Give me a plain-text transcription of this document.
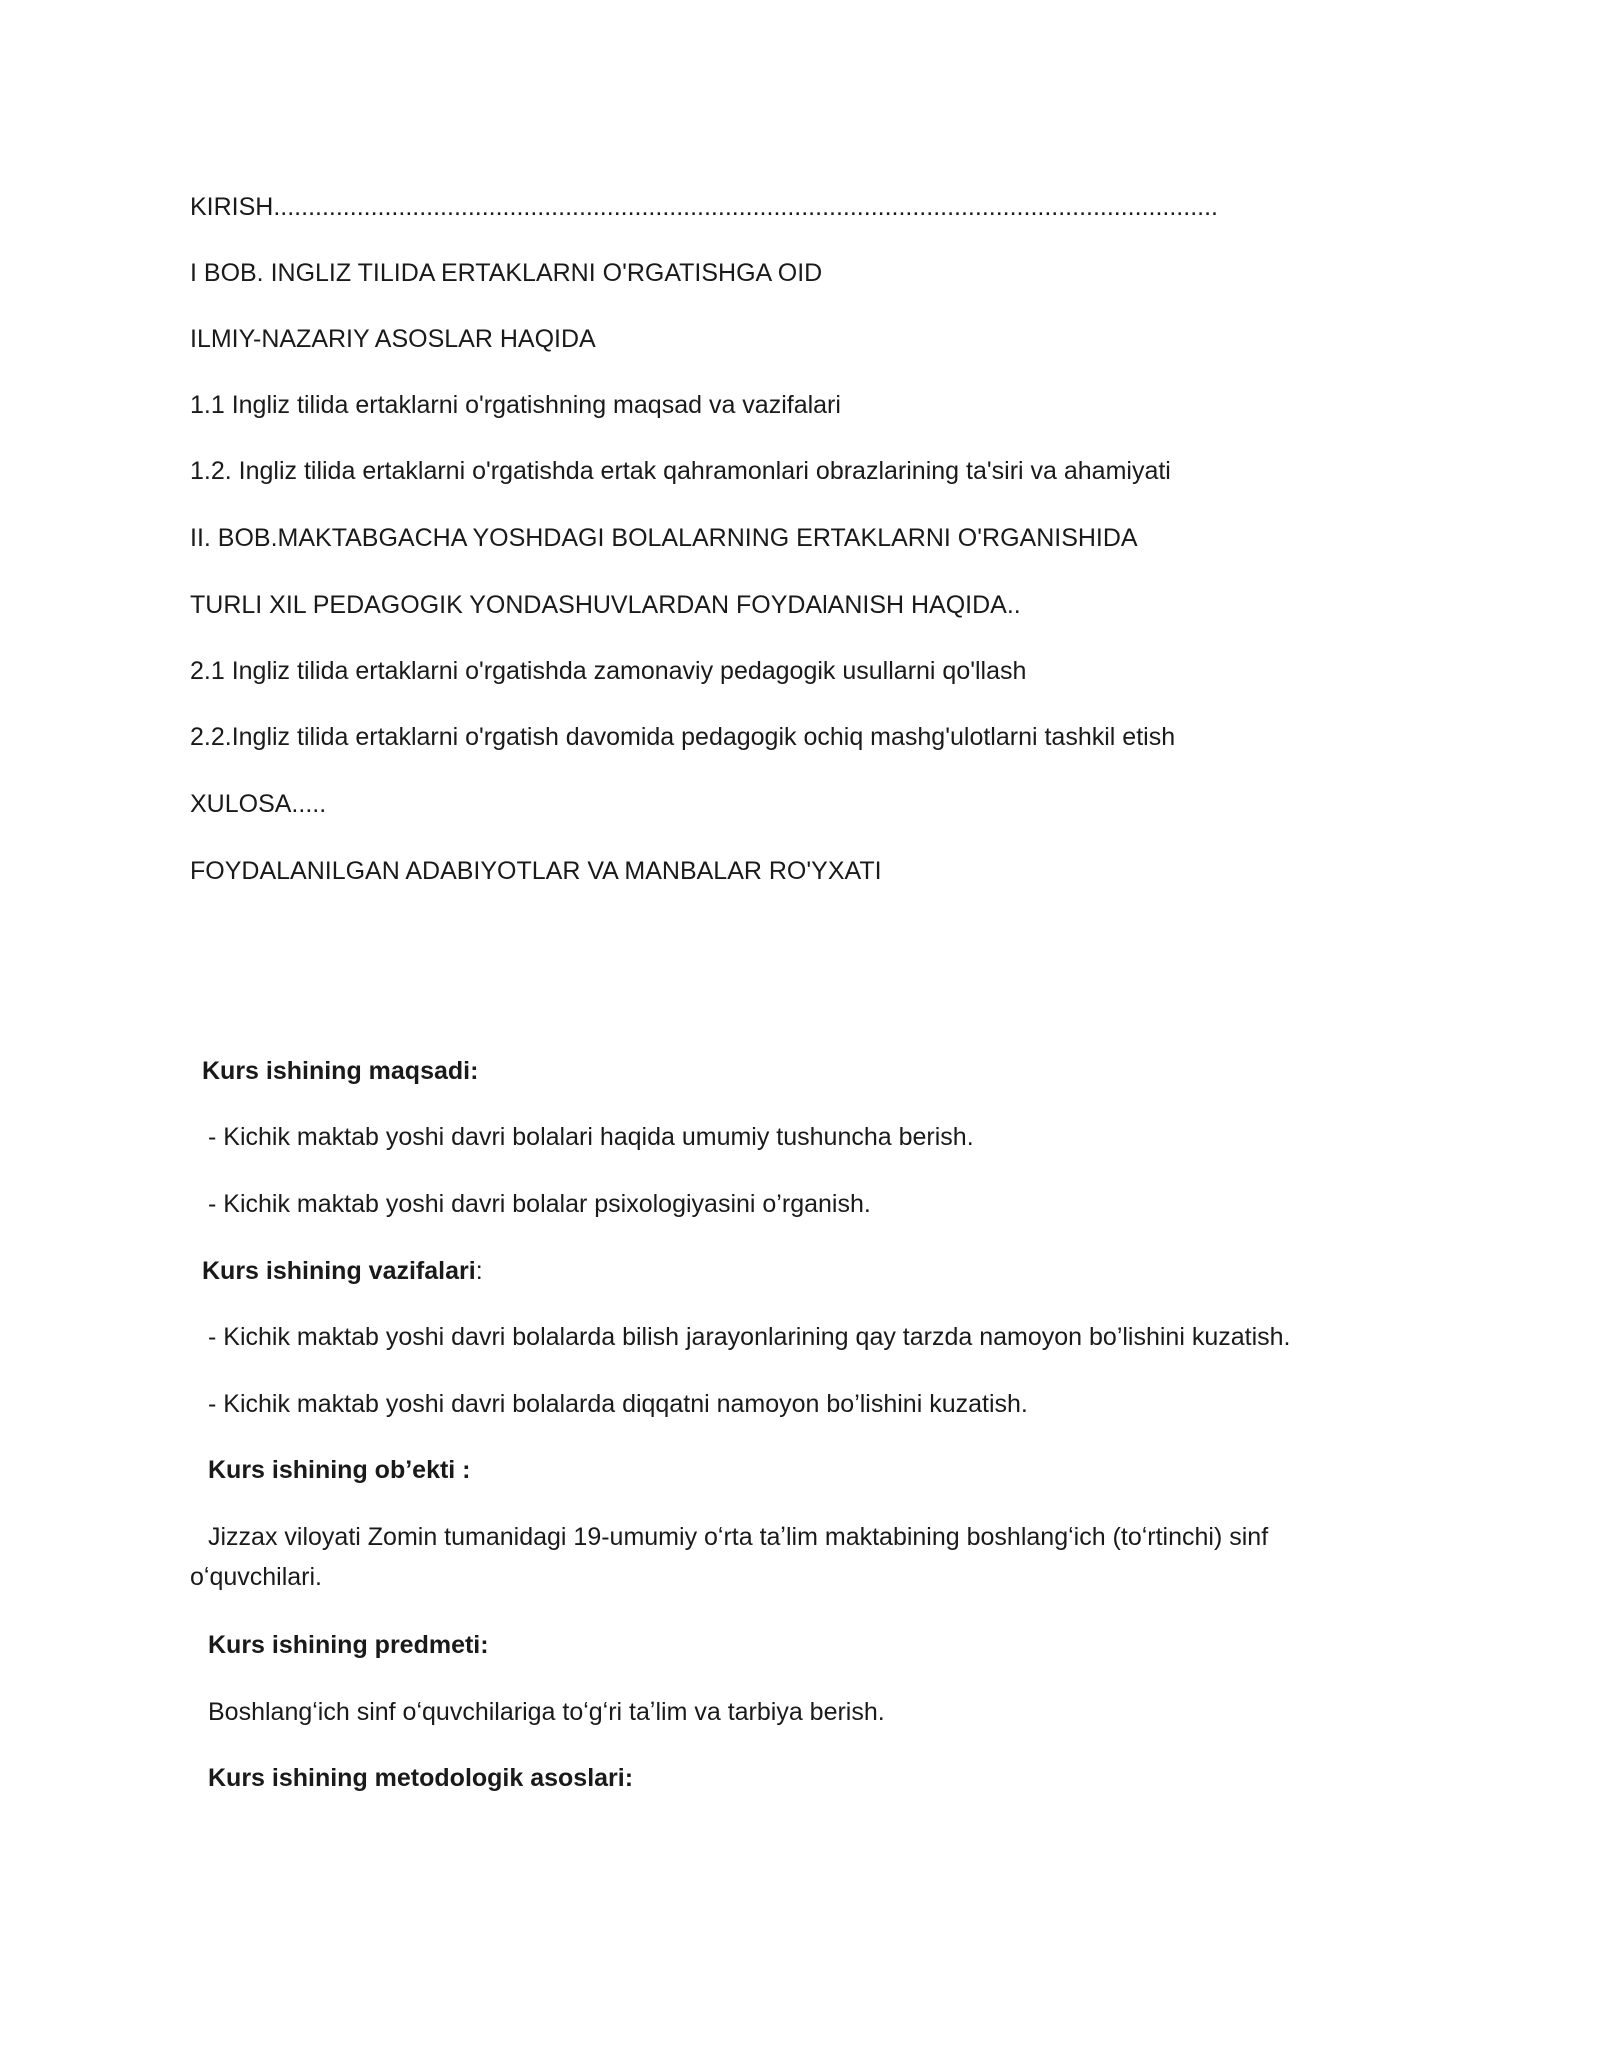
KIRISH........................................................................................................................................
I BOB. INGLIZ TILIDA ERTAKLARNI O'RGATISHGA OID
ILMIY-NAZARIY ASOSLAR HAQIDA
1.1 Ingliz tilida ertaklarni o'rgatishning maqsad va vazifalari
1.2. Ingliz tilida ertaklarni o'rgatishda ertak qahramonlari obrazlarining ta'siri va ahamiyati
II. BOB.MAKTABGACHA YOSHDAGI BOLALARNING ERTAKLARNI O'RGANISHIDA
TURLI XIL PEDAGOGIK YONDASHUVLARDAN FOYDAlANISH HAQIDA..
2.1 Ingliz tilida ertaklarni o'rgatishda zamonaviy pedagogik usullarni qo'llash
2.2.Ingliz tilida ertaklarni o'rgatish davomida pedagogik ochiq mashg'ulotlarni tashkil etish
XULOSA.....
FOYDALANILGAN ADABIYOTLAR VA MANBALAR RO'YXATI
Kurs ishining maqsadi:
- Kichik maktab yoshi davri bolalari haqida umumiy tushuncha berish.
- Kichik maktab yoshi davri bolalar psixologiyasini o’rganish.
Kurs ishining vazifalari:
- Kichik maktab yoshi davri bolalarda bilish jarayonlarining qay tarzda namoyon bo’lishini kuzatish.
- Kichik maktab yoshi davri bolalarda diqqatni namoyon bo’lishini kuzatish.
Kurs ishining ob’ekti :
Jizzax viloyati Zomin tumanidagi 19-umumiy oʻrta taʼlim maktabining boshlangʻich (toʻrtinchi) sinf oʻquvchilari.
Kurs ishining predmeti:
Boshlangʻich sinf oʻquvchilariga toʻgʻri taʼlim va tarbiya berish.
Kurs ishining metodologik asoslari:
